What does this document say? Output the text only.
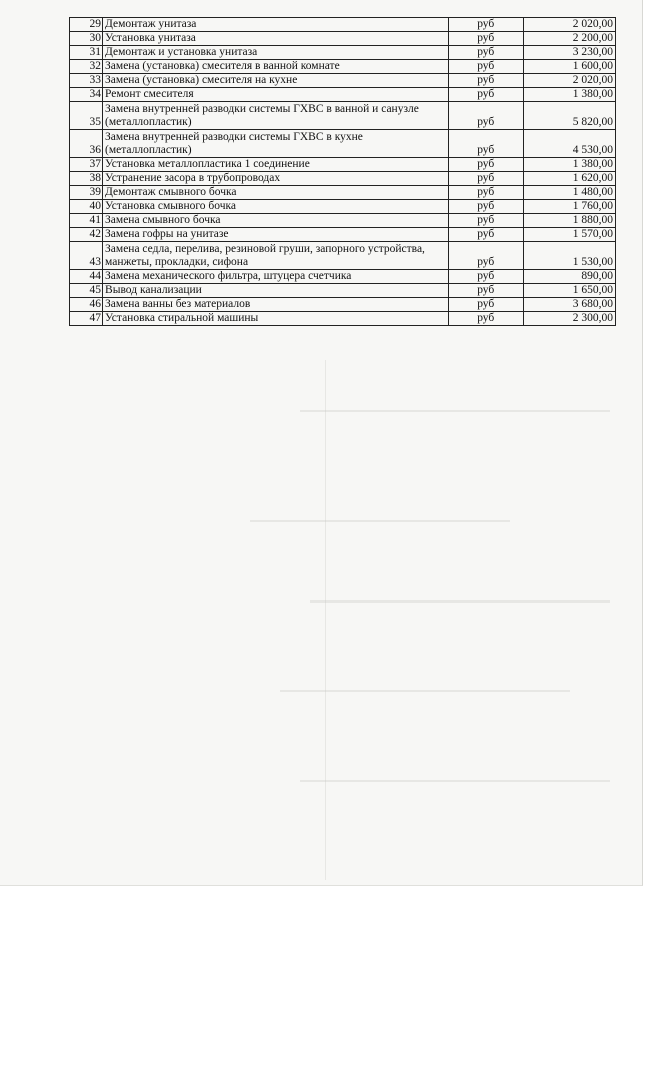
29	Демонтаж унитаза	руб	2 020,00
30	Установка унитаза	руб	2 200,00
31	Демонтаж и установка унитаза	руб	3 230,00
32	Замена (установка) смесителя в ванной комнате	руб	1 600,00
33	Замена (установка) смесителя на кухне	руб	2 020,00
34	Ремонт смесителя	руб	1 380,00
35	Замена внутренней разводки системы ГХВС в ванной и санузле (металлопластик)	руб	5 820,00
36	Замена внутренней разводки системы ГХВС в кухне (металлопластик)	руб	4 530,00
37	Установка металлопластика 1 соединение	руб	1 380,00
38	Устранение засора в трубопроводах	руб	1 620,00
39	Демонтаж смывного бочка	руб	1 480,00
40	Установка смывного бочка	руб	1 760,00
41	Замена смывного бочка	руб	1 880,00
42	Замена гофры на унитазе	руб	1 570,00
43	Замена седла, перелива, резиновой груши, запорного устройства, манжеты, прокладки, сифона	руб	1 530,00
44	Замена механического фильтра, штуцера счетчика	руб	890,00
45	Вывод канализации	руб	1 650,00
46	Замена ванны без материалов	руб	3 680,00
47	Установка стиральной машины	руб	2 300,00
